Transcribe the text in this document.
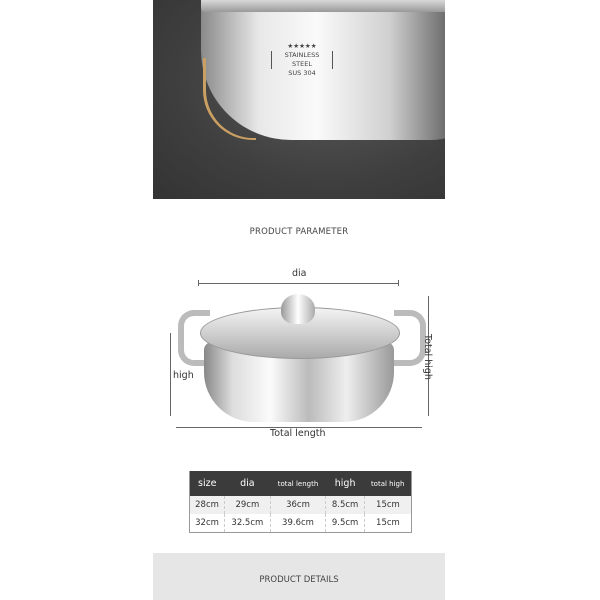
★★★★★
STAINLESS STEEL
SUS 304
PRODUCT PARAMETER
dia
high	Total high
Total length
size	dia	total length	high	total high
28cm	29cm	36cm	8.5cm	15cm
32cm	32.5cm	39.6cm	9.5cm	15cm
PRODUCT DETAILS
